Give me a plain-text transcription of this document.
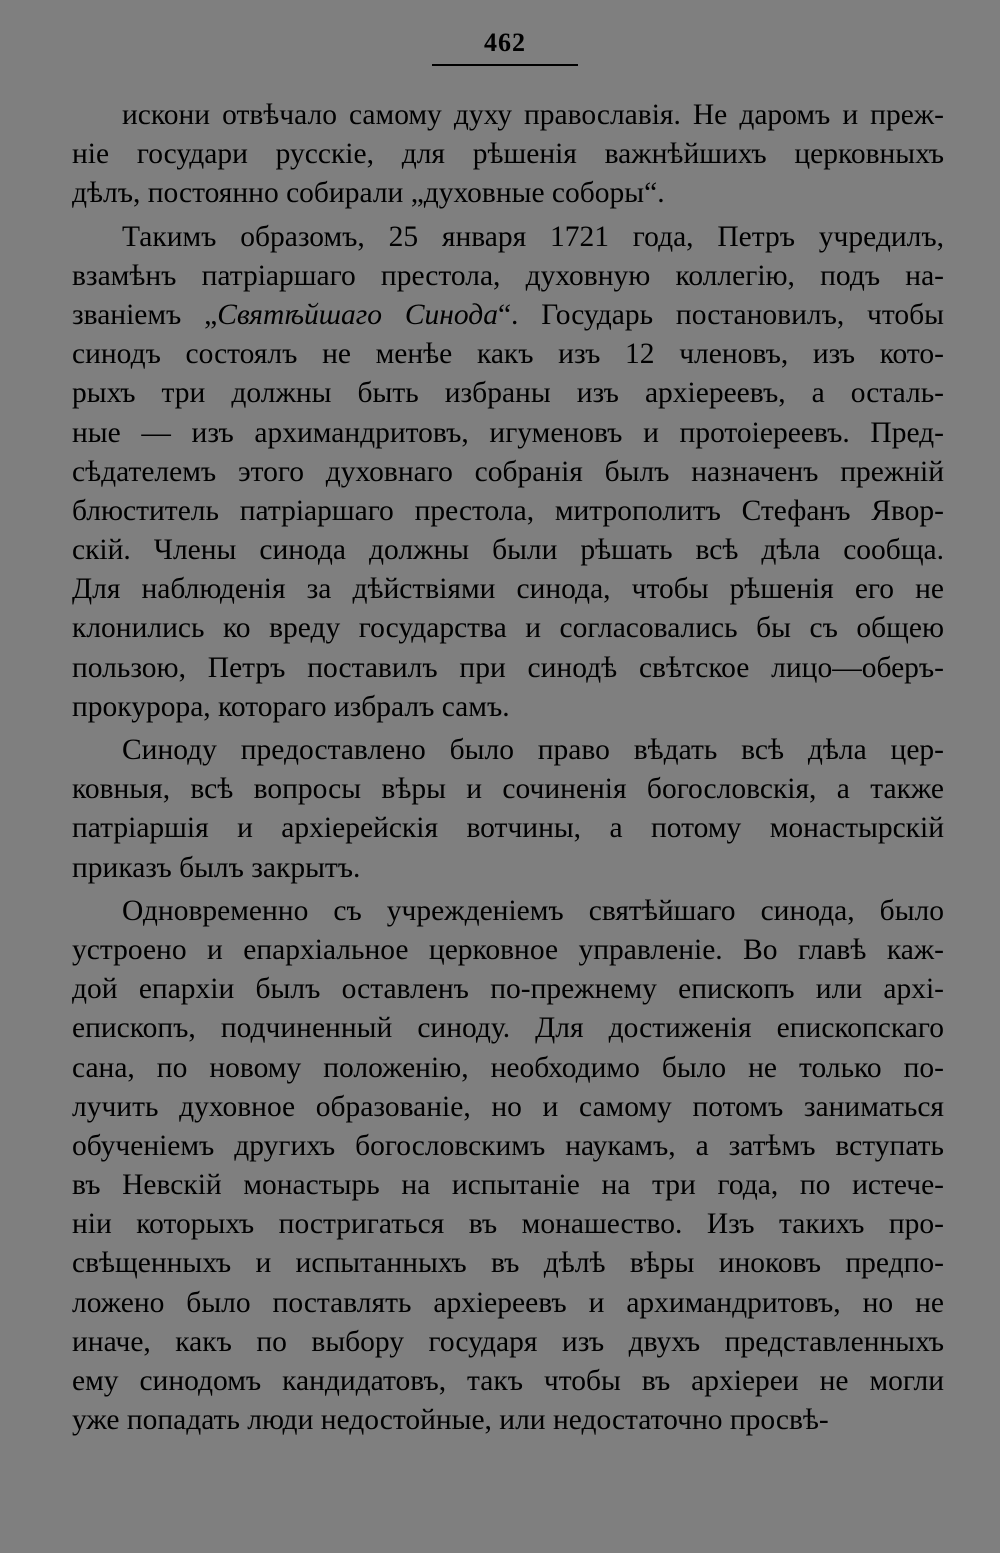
462
искони отвѣчало самому духу православія. Не даромъ и преж-
ніе государи русскіе, для рѣшенія важнѣйшихъ церковныхъ
дѣлъ, постоянно собирали „духовные соборы“.
Такимъ образомъ, 25 января 1721 года, Петръ учредилъ,
взамѣнъ патріаршаго престола, духовную коллегію, подъ на-
званіемъ „Святѣйшаго Синода“. Государь постановилъ, чтобы
синодъ состоялъ не менѣе какъ изъ 12 членовъ, изъ кото-
рыхъ три должны быть избраны изъ архіереевъ, а осталь-
ные — изъ архимандритовъ, игуменовъ и протоіереевъ. Пред-
сѣдателемъ этого духовнаго собранія былъ назначенъ прежній
блюститель патріаршаго престола, митрополитъ Стефанъ Явор-
скій. Члены синода должны были рѣшать всѣ дѣла сообща.
Для наблюденія за дѣйствіями синода, чтобы рѣшенія его не
клонились ко вреду государства и согласовались бы съ общею
пользою, Петръ поставилъ при синодѣ свѣтское лицо—оберъ-
прокурора, котораго избралъ самъ.
Синоду предоставлено было право вѣдать всѣ дѣла цер-
ковныя, всѣ вопросы вѣры и сочиненія богословскія, а также
патріаршія и архіерейскія вотчины, а потому монастырскій
приказъ былъ закрытъ.
Одновременно съ учрежденіемъ святѣйшаго синода, было
устроено и епархіальное церковное управленіе. Во главѣ каж-
дой епархіи былъ оставленъ по-прежнему епископъ или архі-
епископъ, подчиненный синоду. Для достиженія епископскаго
сана, по новому положенію, необходимо было не только по-
лучить духовное образованіе, но и самому потомъ заниматься
обученіемъ другихъ богословскимъ наукамъ, а затѣмъ вступать
въ Невскій монастырь на испытаніе на три года, по истече-
ніи которыхъ постригаться въ монашество. Изъ такихъ про-
свѣщенныхъ и испытанныхъ въ дѣлѣ вѣры иноковъ предпо-
ложено было поставлять архіереевъ и архимандритовъ, но не
иначе, какъ по выбору государя изъ двухъ представленныхъ
ему синодомъ кандидатовъ, такъ чтобы въ архіереи не могли
уже попадать люди недостойные, или недостаточно просвѣ-
